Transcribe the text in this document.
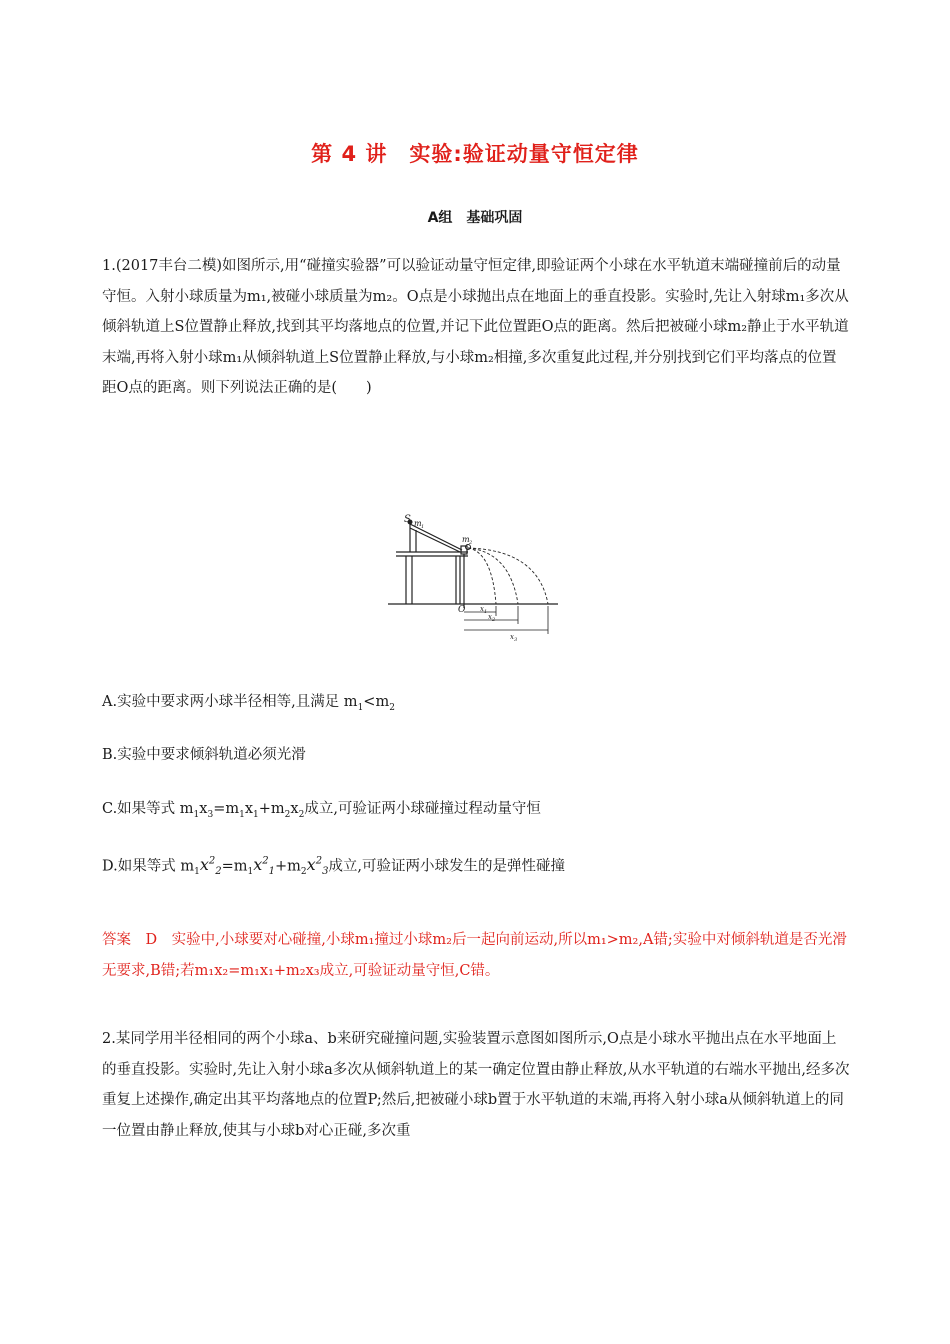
第 4 讲　实验:验证动量守恒定律
A组　基础巩固
1.(2017丰台二模)如图所示,用“碰撞实验器”可以验证动量守恒定律,即验证两个小球在水平轨道末端碰撞前后的动量守恒。入射小球质量为m₁,被碰小球质量为m₂。O点是小球抛出点在地面上的垂直投影。实验时,先让入射球m₁多次从倾斜轨道上S位置静止释放,找到其平均落地点的位置,并记下此位置距O点的距离。然后把被碰小球m₂静止于水平轨道末端,再将入射小球m₁从倾斜轨道上S位置静止释放,与小球m₂相撞,多次重复此过程,并分别找到它们平均落点的位置距O点的距离。则下列说法正确的是(　　)
S m 1
m 2
O x 1
x 2
x 3
A.实验中要求两小球半径相等,且满足 $m_1<m_2$
B.实验中要求倾斜轨道必须光滑
C.如果等式 $m_1x_3=m_1x_1+m_2x_2$成立,可验证两小球碰撞过程动量守恒
D.如果等式 $m_1x^2_2=m_1x^2_1+m_2x^2_3$成立,可验证两小球发生的是弹性碰撞
答案　D　实验中,小球要对心碰撞,小球m₁撞过小球m₂后一起向前运动,所以m₁>m₂,A错;实验中对倾斜轨道是否光滑无要求,B错;若m₁x₂=m₁x₁+m₂x₃成立,可验证动量守恒,C错。
2.某同学用半径相同的两个小球a、b来研究碰撞问题,实验装置示意图如图所示,O点是小球水平抛出点在水平地面上的垂直投影。实验时,先让入射小球a多次从倾斜轨道上的某一确定位置由静止释放,从水平轨道的右端水平抛出,经多次重复上述操作,确定出其平均落地点的位置P;然后,把被碰小球b置于水平轨道的末端,再将入射小球a从倾斜轨道上的同一位置由静止释放,使其与小球b对心正碰,多次重
